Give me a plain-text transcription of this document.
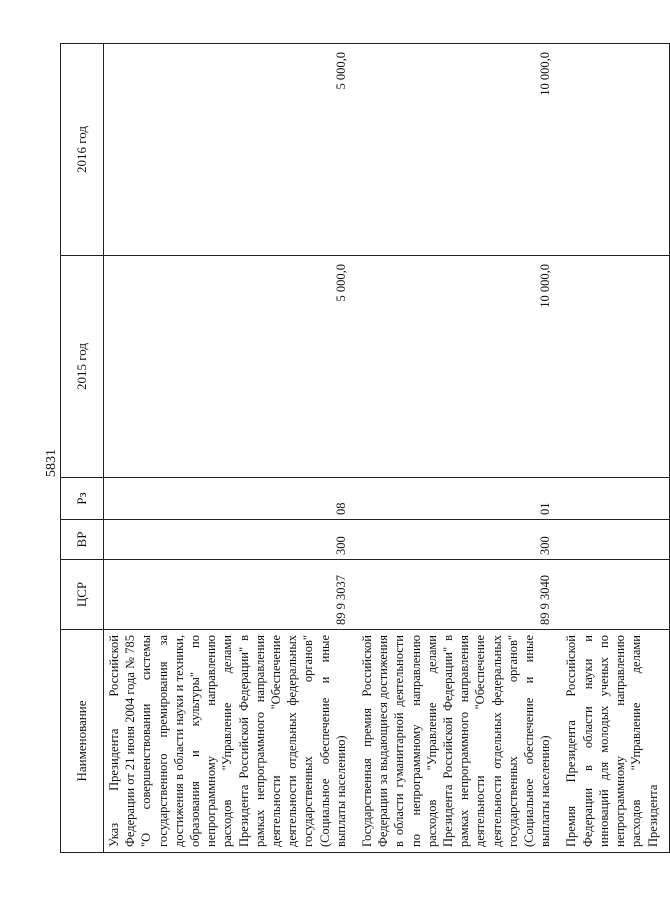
5831
Наименование	ЦСР	ВР	Рз	2015 год	2016 год
Указ Президента Российской Федерации от 21 июня 2004 года № 785 "О совершенствовании системы государственного премирования за достижения в области науки и техники, образования и культуры" по непрограммному направлению расходов "Управление делами Президента Российской Федерации" в рамках непрограммного направления деятельности "Обеспечение деятельности отдельных федеральных государственных органов" (Социальное обеспечение и иные выплаты населению)	89 9 3037	300	08	5 000,0	5 000,0
Государственная премия Российской Федерации за выдающиеся достижения в области гуманитарной деятельности по непрограммному направлению расходов "Управление делами Президента Российской Федерации" в рамках непрограммного направления деятельности "Обеспечение деятельности отдельных федеральных государственных органов" (Социальное обеспечение и иные выплаты населению)	89 9 3040	300	01	10 000,0	10 000,0
Премия Президента Российской Федерации в области науки и инноваций для молодых ученых по непрограммному направлению расходов "Управление делами Президента					
